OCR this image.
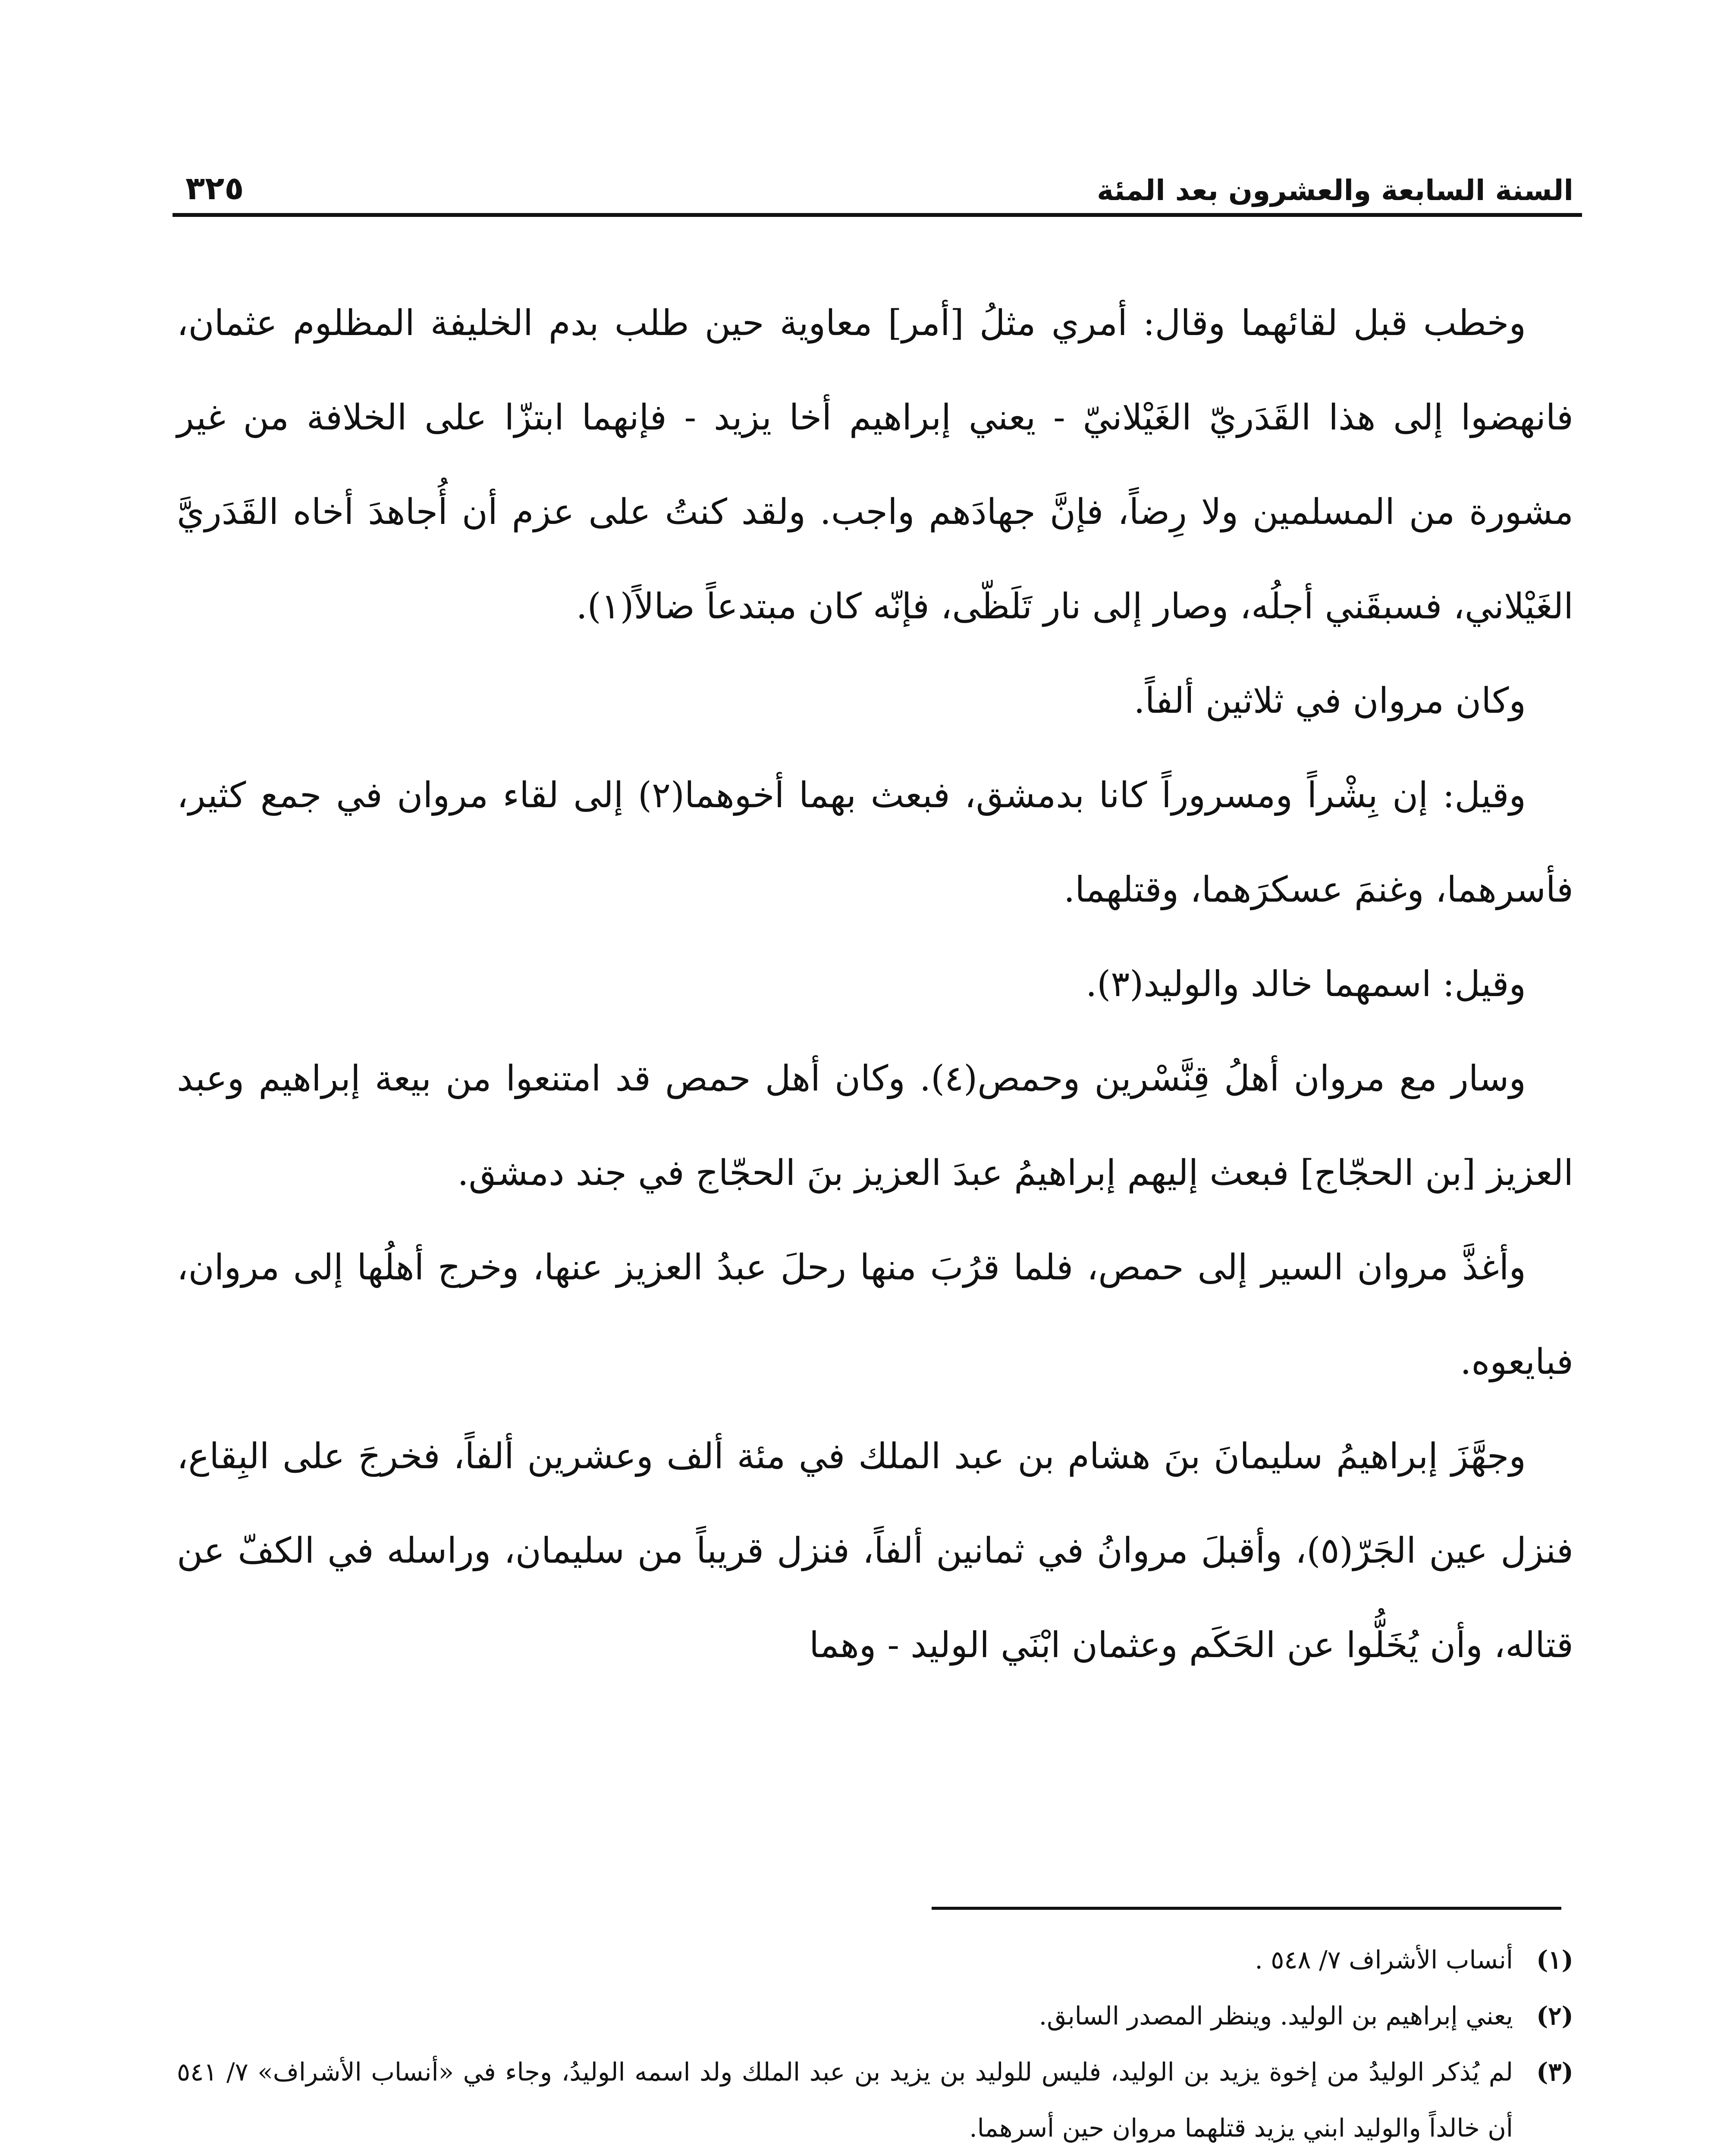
السنة السابعة والعشرون بعد المئة
٣٢٥

وخطب قبل لقائهما وقال: أمري مثلُ [أمر] معاوية حين طلب بدم الخليفة المظلوم عثمان، فانهضوا إلى هذا القَدَريّ الغَيْلانيّ - يعني إبراهيم أخا يزيد - فإنهما ابتزّا على الخلافة من غير مشورة من المسلمين ولا رِضاً، فإنَّ جهادَهم واجب. ولقد كنتُ على عزم أن أُجاهدَ أخاه القَدَريَّ الغَيْلاني، فسبقَني أجلُه، وصار إلى نار تَلَظّى، فإنّه كان مبتدعاً ضالاً(١).

وكان مروان في ثلاثين ألفاً.

وقيل: إن بِشْراً ومسروراً كانا بدمشق، فبعث بهما أخوهما(٢) إلى لقاء مروان في جمع كثير، فأسرهما، وغنمَ عسكرَهما، وقتلهما.

وقيل: اسمهما خالد والوليد(٣).

وسار مع مروان أهلُ قِنَّسْرين وحمص(٤). وكان أهل حمص قد امتنعوا من بيعة إبراهيم وعبد العزيز [بن الحجّاج] فبعث إليهم إبراهيمُ عبدَ العزيز بنَ الحجّاج في جند دمشق.

وأغذَّ مروان السير إلى حمص، فلما قرُبَ منها رحلَ عبدُ العزيز عنها، وخرج أهلُها إلى مروان، فبايعوه.

وجهَّزَ إبراهيمُ سليمانَ بنَ هشام بن عبد الملك في مئة ألف وعشرين ألفاً، فخرجَ على البِقاع، فنزل عين الجَرّ(٥)، وأقبلَ مروانُ في ثمانين ألفاً، فنزل قريباً من سليمان، وراسله في الكفّ عن قتاله، وأن يُخَلُّوا عن الحَكَم وعثمان ابْنَي الوليد - وهما

(١)أنساب الأشراف ٧/ ٥٤٨ .

(٢)يعني إبراهيم بن الوليد. وينظر المصدر السابق.

(٣)لم يُذكر الوليدُ من إخوة يزيد بن الوليد، فليس للوليد بن يزيد بن عبد الملك ولد اسمه الوليدُ، وجاء في «أنساب الأشراف» ٧/ ٥٤١ أن خالداً والوليد ابني يزيد قتلهما مروان حين أسرهما.
